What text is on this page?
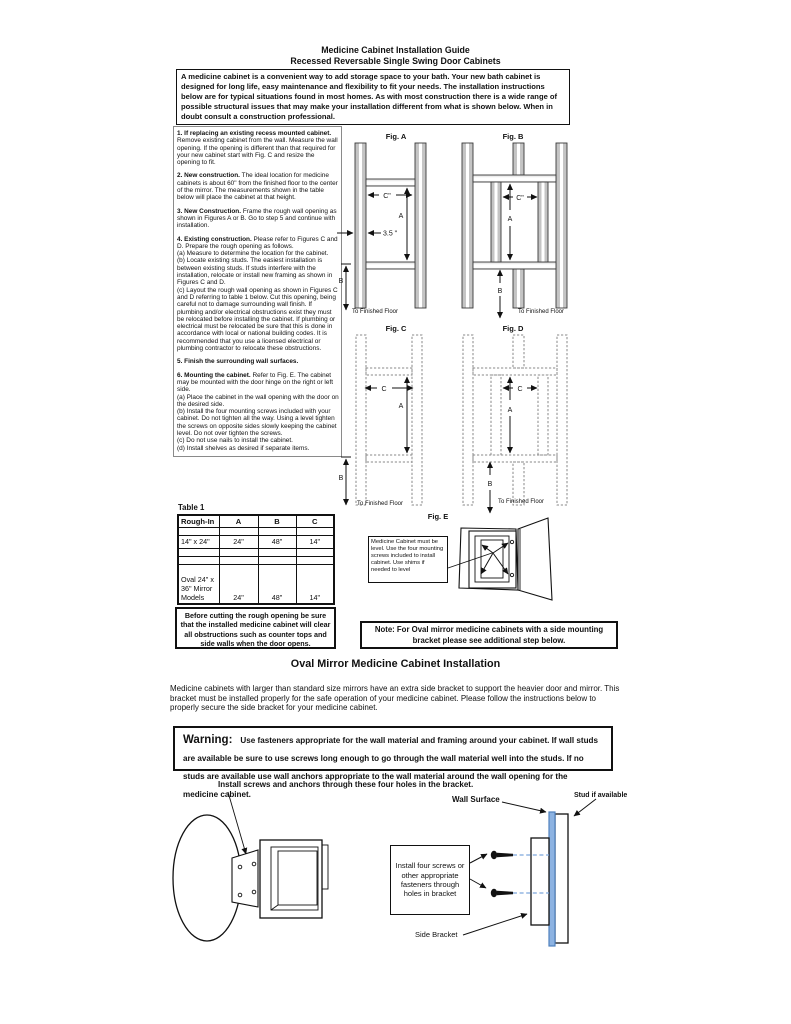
Medicine Cabinet Installation Guide
Recessed Reversable Single Swing Door Cabinets
A medicine cabinet is a convenient way to add storage space to your bath. Your new bath cabinet is designed for long life, easy maintenance and flexibility to fit your needs. The installation instructions below are for typical situations found in most homes. As with most construction there is a wide range of possible structural issues that may make your installation different from what is shown below. When in doubt consult a construction professional.

1. If replacing an existing recess mounted cabinet. Remove existing cabinet from the wall. Measure the wall opening. If the opening is different than that required for your new cabinet start with Fig. C and resize the opening to fit.

2. New construction. The ideal location for medicine cabinets is about 60" from the finished floor to the center of the mirror. The measurements shown in the table below will place the cabinet at that height.

3. New Construction. Frame the rough wall opening as shown in Figures A or B. Go to step 5 and continue with installation.

4. Existing construction. Please refer to Figures C and D. Prepare the rough opening as follows.

(a) Measure to determine the location for the cabinet.

(b) Locate existing studs. The easiest installation is between existing studs. If studs interfere with the installation, relocate or install new framing as shown in Figures C and D.

(c) Layout the rough wall opening as shown in Figures C and D referring to table 1 below. Cut this opening, being careful not to damage surrounding wall finish. If plumbing and/or electrical obstructions exist they must be relocated before installing the cabinet. If plumbing or electrical must be relocated be sure that this is done in accordance with local or national building codes. It is recommended that you use a licensed electrical or plumbing contractor to relocate these obstructions.

5. Finish the surrounding wall surfaces.

6. Mounting the cabinet. Refer to Fig. E. The cabinet may be mounted with the door hinge on the right or left side.

(a) Place the cabinet in the wall opening with the door on the desired side.

(b) Install the four mounting screws included with your cabinet. Do not tighten all the way. Using a level tighten the screws on opposite sides slowly keeping the cabinet level. Do not over tighten the screws.

(c) Do not use nails to install the cabinet.

(d) Install shelves as desired if separate items.

Fig. A
C"
A
3.5 "
B
To Finished Floor
Fig. B
C"
A
B
To Finished Floor
Fig. C
C
A
B
To Finished Floor
Fig. D
C
A
B
To Finished Floor
Fig. E
Medicine Cabinet must be level. Use the four mounting screws included to install cabinet. Use shims if needed to level
Table 1
Rough-In	A	B	C

14" x 24"	24"	48"	14"

Oval 24" x 36" Mirror Models	24"	48"	14"
Before cutting the rough opening be sure that the installed medicine cabinet will clear all obstructions such as counter tops and side walls when the door opens.
Note: For Oval mirror medicine cabinets with a side mounting bracket please see additional step below.
Oval Mirror Medicine Cabinet Installation
Medicine cabinets with larger than standard size mirrors have an extra side bracket to support the heavier door and mirror. This bracket must be installed properly for the safe operation of your medicine cabinet. Please follow the instructions below to properly secure the side bracket for your medicine cabinet.
Warning: Use fasteners appropriate for the wall material and framing around your cabinet. If wall studs are available be sure to use screws long enough to go through the wall material well into the studs. If no studs are available use wall anchors appropriate to the wall material around the wall opening for the medicine cabinet.
Install screws and anchors through these four holes in the bracket.
Install four screws or other appropriate fasteners through holes in bracket
Wall Surface	Stud if available
Side Bracket
